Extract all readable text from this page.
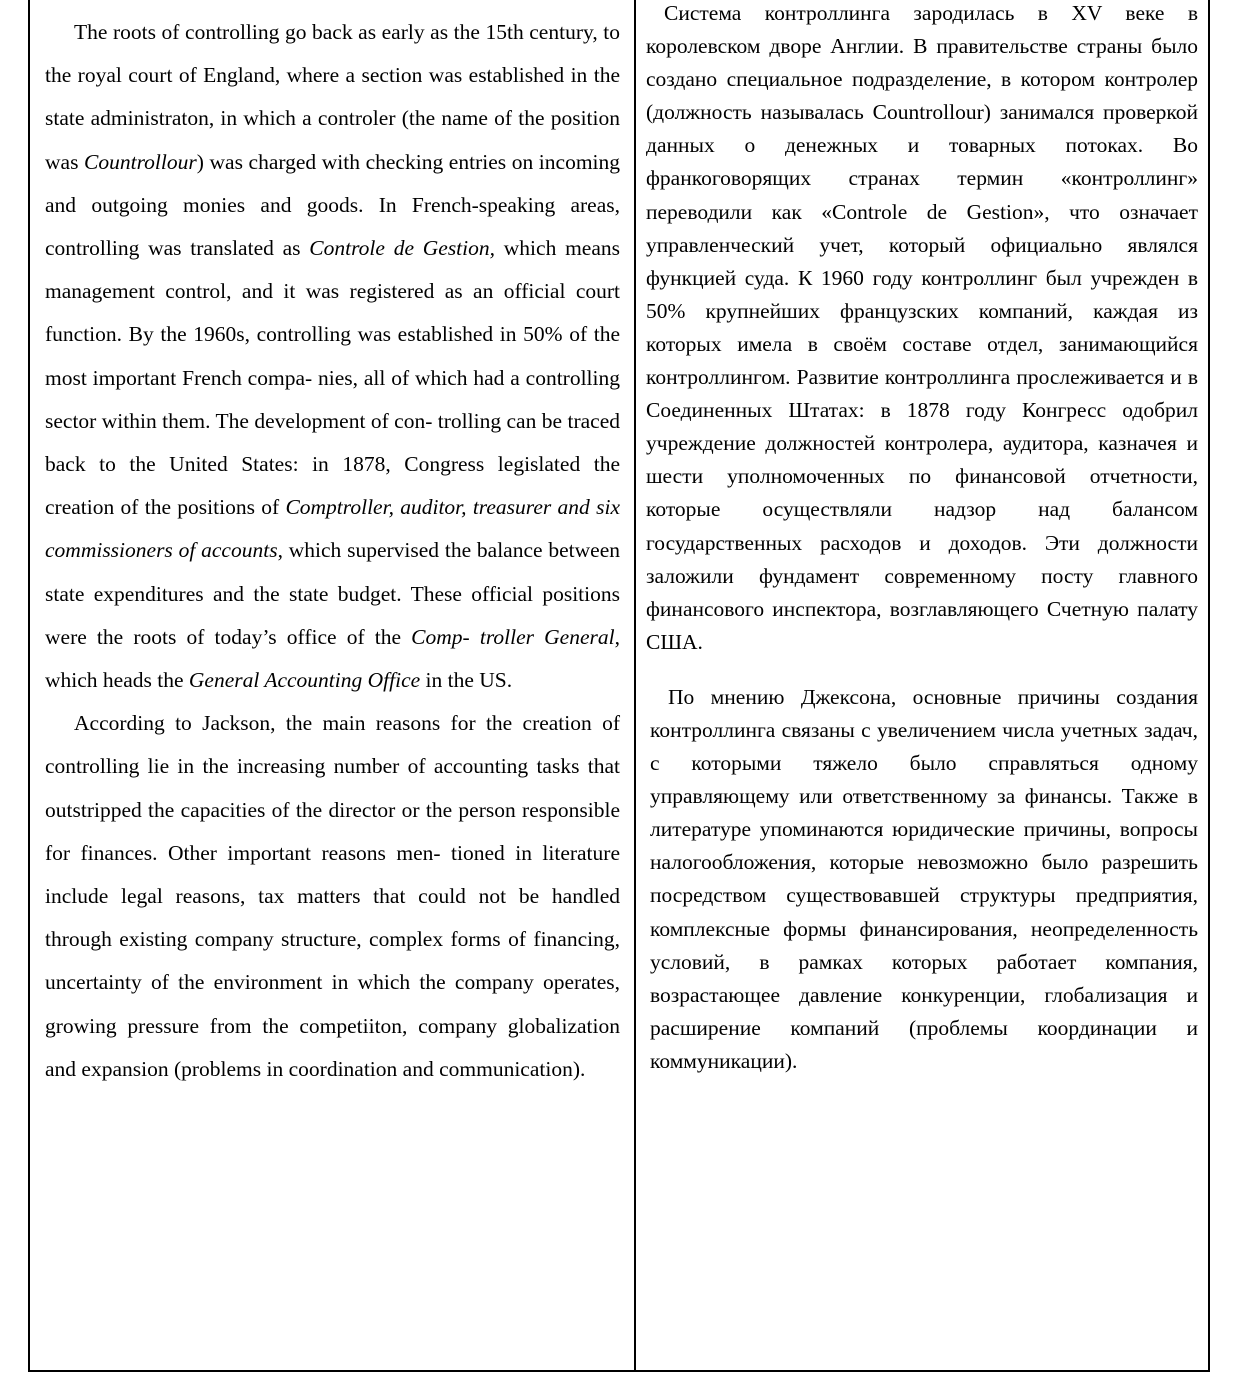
The roots of controlling go back as early as the 15th century, to the royal court of England, where a section was established in the state administraton, in which a controler (the name of the position was Countrollour) was charged with checking entries on incoming and outgoing monies and goods. In French-speaking areas, controlling was translated as Controle de Gestion, which means management control, and it was registered as an official court function. By the 1960s, controlling was established in 50% of the most important French compa- nies, all of which had a controlling sector within them. The development of con- trolling can be traced back to the United States: in 1878, Congress legislated the creation of the positions of Comptroller, auditor, treasurer and six commissioners of accounts, which supervised the balance between state expenditures and the state budget. These official positions were the roots of today’s office of the Comp- troller General, which heads the General Accounting Office in the US.

According to Jackson, the main reasons for the creation of controlling lie in the increasing number of accounting tasks that outstripped the capacities of the director or the person responsible for finances. Other important reasons men- tioned in literature include legal reasons, tax matters that could not be handled through existing company structure, complex forms of financing, uncertainty of the environment in which the company operates, growing pressure from the competiiton, company globalization and expansion (problems in coordination and communication).

Система контроллинга зародилась в XV веке в королевском дворе Англии. В правительстве страны было создано специальное подразделение, в котором контролер (должность называлась Countrollour) занимался проверкой данных о денежных и товарных потоках. Во франкоговорящих странах термин «контроллинг» переводили как «Controle de Gestion», что означает управленческий учет, который официально являлся функцией суда. К 1960 году контроллинг был учрежден в 50% крупнейших французских компаний, каждая из которых имела в своём составе отдел, занимающийся контроллингом. Развитие контроллинга прослеживается и в Соединенных Штатах: в 1878 году Конгресс одобрил учреждение должностей контролера, аудитора, казначея и шести уполномоченных по финансовой отчетности, которые осуществляли надзор над балансом государственных расходов и доходов. Эти должности заложили фундамент современному посту главного финансового инспектора, возглавляющего Счетную палату США.

По мнению Джексона, основные причины создания контроллинга связаны с увеличением числа учетных задач, с которыми тяжело было справляться одному управляющему или ответственному за финансы. Также в литературе упоминаются юридические причины, вопросы налогообложения, которые невозможно было разрешить посредством существовавшей структуры предприятия, комплексные формы финансирования, неопределенность условий, в рамках которых работает компания, возрастающее давление конкуренции, глобализация и расширение компаний (проблемы координации и коммуникации).
